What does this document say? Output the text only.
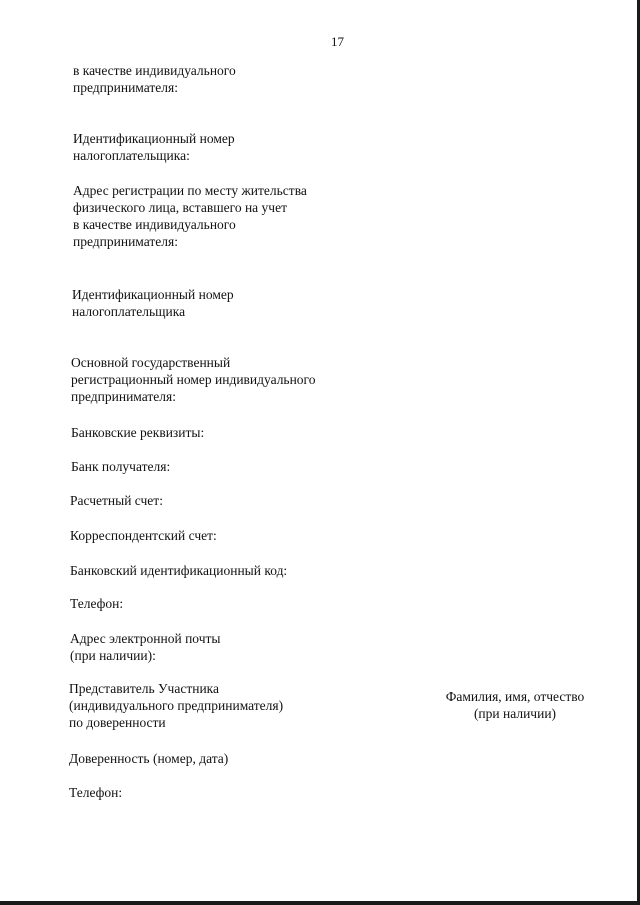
17
в качестве индивидуального
предпринимателя:
Идентификационный номер
налогоплательщика:
Адрес регистрации по месту жительства
физического лица, вставшего на учет
в качестве индивидуального
предпринимателя:
Идентификационный номер
налогоплательщика
Основной государственный
регистрационный номер индивидуального
предпринимателя:
Банковские реквизиты:
Банк получателя:
Расчетный счет:
Корреспондентский счет:
Банковский идентификационный код:
Телефон:
Адрес электронной почты
(при наличии):
Представитель Участника
(индивидуального предпринимателя)
по доверенности
Фамилия, имя, отчество
(при наличии)
Доверенность (номер, дата)
Телефон:
